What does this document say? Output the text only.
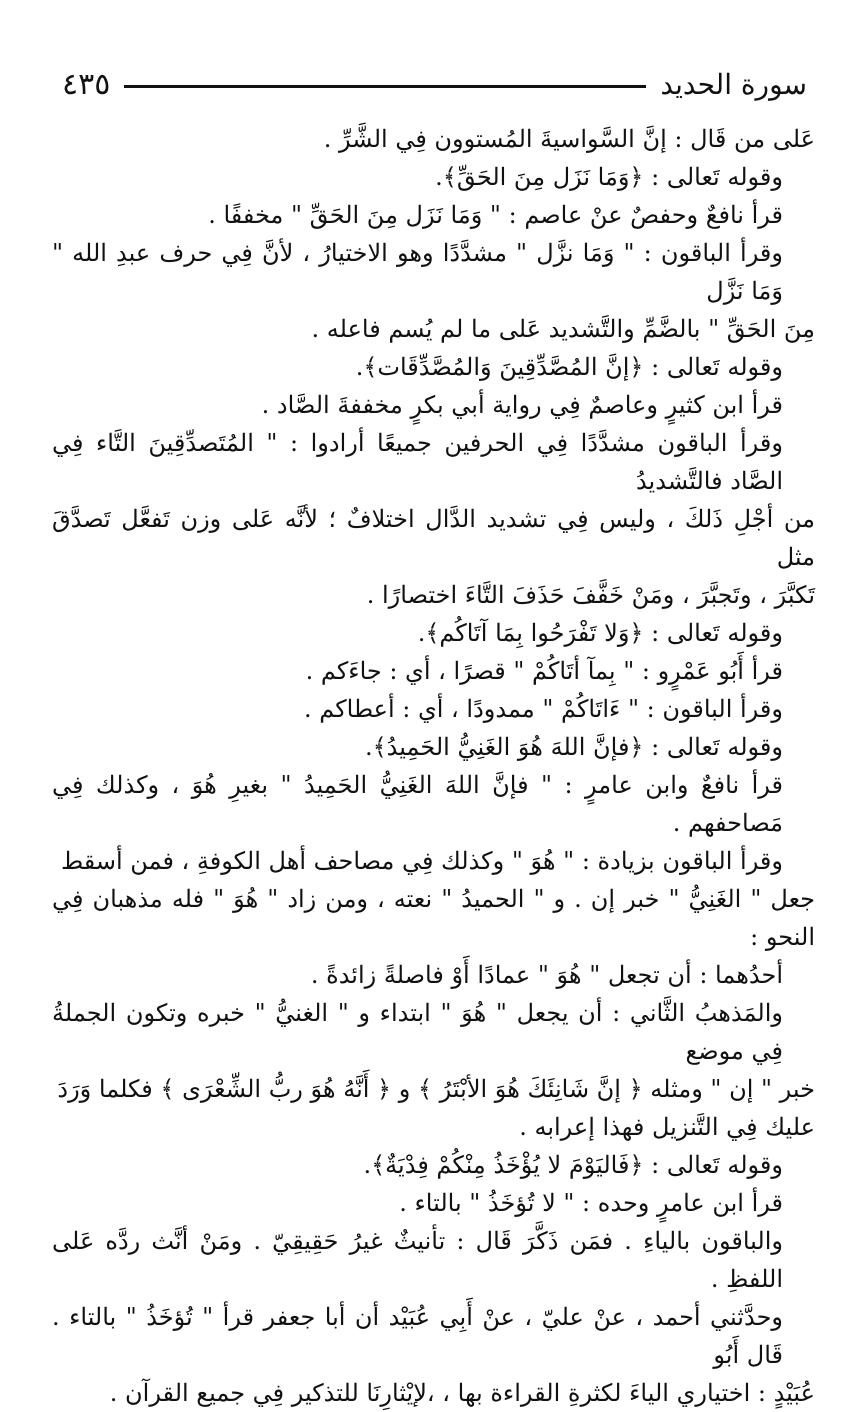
سورة الحديد
٤٣٥

عَلى من قَال : إنَّ السَّواسيةَ المُستوون فِي الشَّرِّ .

وقوله تَعالى : ﴿وَمَا نَزَل مِنَ الحَقِّ﴾.

قرأ نافعٌ وحفصٌ عنْ عاصم : " وَمَا نَزَل مِنَ الحَقِّ " مخففًا .

وقرأ الباقون : " وَمَا نزَّل " مشدَّدًا وهو الاختيارُ ، لأنَّ فِي حرف عبدِ الله " وَمَا نَزَّل

مِنَ الحَقِّ " بالضَّمِّ والتَّشديد عَلى ما لم يُسم فاعله .

وقوله تَعالى : ﴿إنَّ المُصَّدِّقِينَ وَالمُصَّدِّقَات﴾.

قرأ ابن كثيرٍ وعاصمٌ فِي رواية أبي بكرٍ مخففةَ الصَّاد .

وقرأ الباقون مشدَّدًا فِي الحرفين جميعًا أرادوا : " المُتَصدِّقِينَ التَّاء فِي الصَّاد فالتَّشديدُ

من أجْلِ ذَلكَ ، وليس فِي تشديد الدَّال اختلافٌ ؛ لأنَّه عَلى وزن تَفعَّل تَصدَّقَ مثل

تَكبَّرَ ، وتَجبَّرَ ، ومَنْ خَفَّفَ حَذَفَ التَّاءَ اختصارًا .

وقوله تَعالى : ﴿وَلا تَفْرَحُوا بِمَا آتَاكُم﴾.

قرأ أَبُو عَمْرٍو : " بِمآ أتَاكُمْ " قصرًا ، أي : جاءَكم .

وقرأ الباقون : " ءَاتَاكُمْ " ممدودًا ، أي : أعطاكم .

وقوله تَعالى : ﴿فإنَّ اللهَ هُوَ الغَنِيُّ الحَمِيدُ﴾.

قرأ نافعٌ وابن عامرٍ : " فإنَّ اللهَ الغَنِيُّ الحَمِيدُ " بغيرِ هُوَ ، وكذلك فِي مَصاحفهم .

وقرأ الباقون بزيادة : " هُوَ " وكذلك فِي مصاحف أهل الكوفةِ ، فمن أسقط

جعل " الغَنِيُّ " خبر إن . و " الحميدُ " نعته ، ومن زاد " هُوَ " فله مذهبان فِي النحو :

أحدُهما : أن تجعل " هُوَ " عمادًا أَوْ فاصلةً زائدةً .

والمَذهبُ الثَّاني : أن يجعل " هُوَ " ابتداء و " الغنيُّ " خبره وتكون الجملةُ فِي موضع

خبر " إن " ومثله ﴿ إنَّ شَانِئَكَ هُوَ الأبْتَرُ ﴾ و ﴿ أَنَّهُ هُوَ ربُّ الشِّعْرَى ﴾ فكلما وَرَدَ

عليك فِي التَّنزيل فهذا إعرابه .

وقوله تَعالى : ﴿فَاليَوْمَ لا يُؤْخَذُ مِنْكُمْ فِدْيَةٌ﴾.

قرأ ابن عامرٍ وحده : " لا تُؤخَذُ " بالتاء .

والباقون بالياءِ . فمَن ذَكَّرَ قَال : تأنيثٌ غيرُ حَقِيقِيّ . ومَنْ أنَّث ردَّه عَلى اللفظِ .

وحدَّثني أحمد ، عنْ عليّ ، عنْ أَبِي عُبَيْد أن أبا جعفر قرأ " تُؤخَذُ " بالتاء . قَال أَبُو

عُبَيْدٍ : اختياري الياءَ لكثرةِ القراءة بها ، ،لإيْثارِنَا للتذكير فِي جميع القرآن .
